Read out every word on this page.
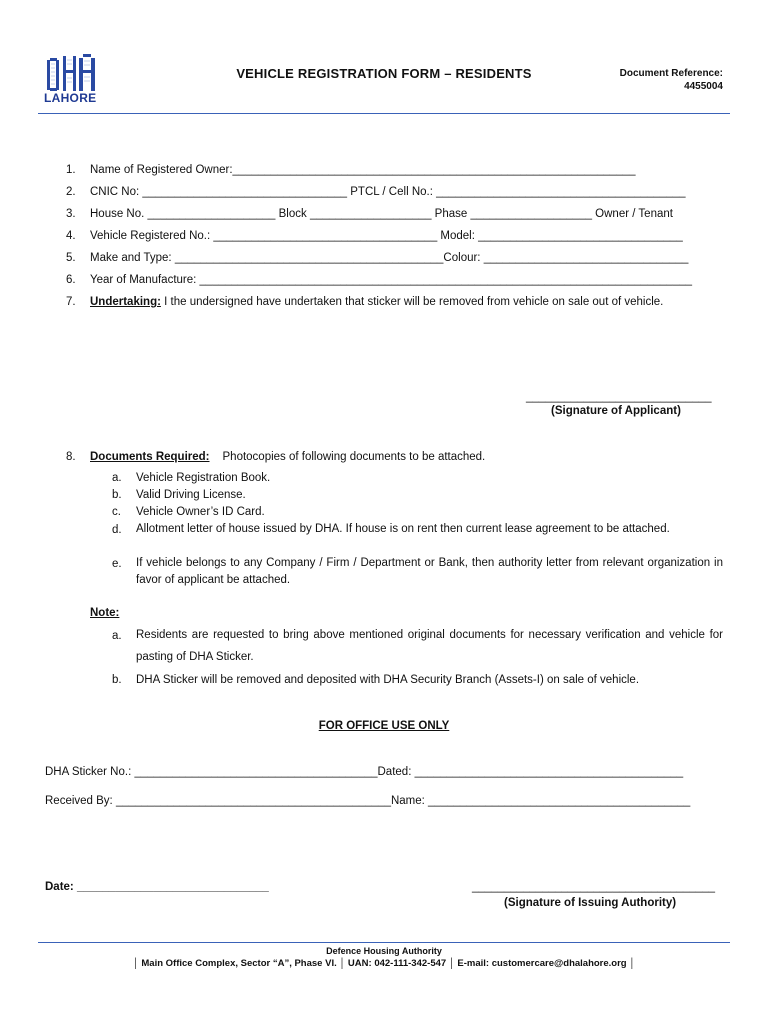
LAHORE
VEHICLE REGISTRATION FORM – RESIDENTS	Document Reference:
4455004
1. Name of Registered Owner:_______________________________________________________________
2. CNIC No: ________________________________ PTCL / Cell No.: _______________________________________
3. House No. ____________________ Block ___________________ Phase ___________________ Owner / Tenant
4. Vehicle Registered No.: ___________________________________ Model: ________________________________
5. Make and Type: __________________________________________Colour: ________________________________
6. Year of Manufacture: _____________________________________________________________________________
7.	Undertaking: I the undersigned have undertaken that sticker will be removed from vehicle on sale out of vehicle.
_____________________________
(Signature of Applicant)
8. Documents Required: Photocopies of following documents to be attached.
a. Vehicle Registration Book.
b. Valid Driving License.
c. Vehicle Owner’s ID Card.
d.	Allotment letter of house issued by DHA. If house is on rent then current lease agreement to be attached.
e.	If vehicle belongs to any Company / Firm / Department or Bank, then authority letter from relevant organization in favor of applicant be attached.
Note:
a.	Residents are requested to bring above mentioned original documents for necessary verification and vehicle for pasting of DHA Sticker.
b. DHA Sticker will be removed and deposited with DHA Security Branch (Assets-I) on sale of vehicle.
FOR OFFICE USE ONLY
DHA Sticker No.: ______________________________________Dated: __________________________________________
Received By: ___________________________________________Name: _________________________________________
Date: ______________________________	______________________________________
(Signature of Issuing Authority)
Defence Housing Authority
│ Main Office Complex, Sector “A”, Phase VI. │ UAN: 042-111-342-547 │ E-mail: customercare@dhalahore.org │
